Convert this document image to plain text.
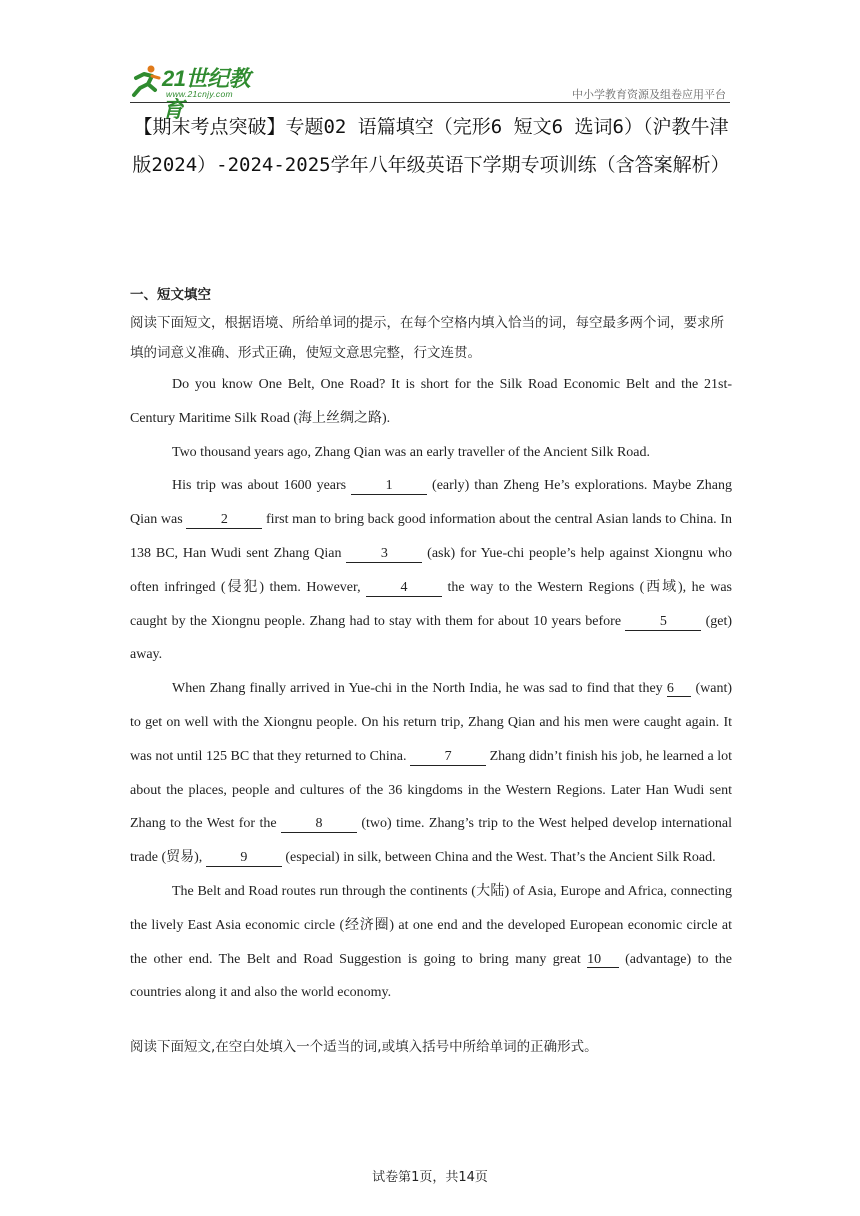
21世纪教育
www.21cnjy.com	中小学教育资源及组卷应用平台
【期末考点突破】专题02 语篇填空（完形6 短文6 选词6）（沪教牛津版2024）-2024-2025学年八年级英语下学期专项训练（含答案解析）

一、短文填空

阅读下面短文，根据语境、所给单词的提示，在每个空格内填入恰当的词，每空最多两个词，要求所填的词意义准确、形式正确，使短文意思完整，行文连贯。

Do you know One Belt, One Road? It is short for the Silk Road Economic Belt and the 21st-Century Maritime Silk Road (海上丝绸之路).

Two thousand years ago, Zhang Qian was an early traveller of the Ancient Silk Road.

His trip was about 1600 years 1 (early) than Zheng He’s explorations. Maybe Zhang Qian was 2 first man to bring back good information about the central Asian lands to China. In 138 BC, Han Wudi sent Zhang Qian 3 (ask) for Yue-chi people’s help against Xiongnu who often infringed (侵犯) them. However, 4 the way to the Western Regions (西域), he was caught by the Xiongnu people. Zhang had to stay with them for about 10 years before 5 (get) away.

When Zhang finally arrived in Yue-chi in the North India, he was sad to find that they 6      (want) to get on well with the Xiongnu people. On his return trip, Zhang Qian and his men were caught again. It was not until 125 BC that they returned to China. 7 Zhang didn’t finish his job, he learned a lot about the places, people and cultures of the 36 kingdoms in the Western Regions. Later Han Wudi sent Zhang to the West for the 8 (two) time. Zhang’s trip to the West helped develop international trade (贸易), 9 (especial) in silk, between China and the West. That’s the Ancient Silk Road.

The Belt and Road routes run through the continents (大陆) of Asia, Europe and Africa, connecting the lively East Asia economic circle (经济圈) at one end and the developed European economic circle at the other end. The Belt and Road Suggestion is going to bring many great 10      (advantage) to the countries along it and also the world economy.

阅读下面短文,在空白处填入一个适当的词,或填入括号中所给单词的正确形式。

试卷第1页，共14页
